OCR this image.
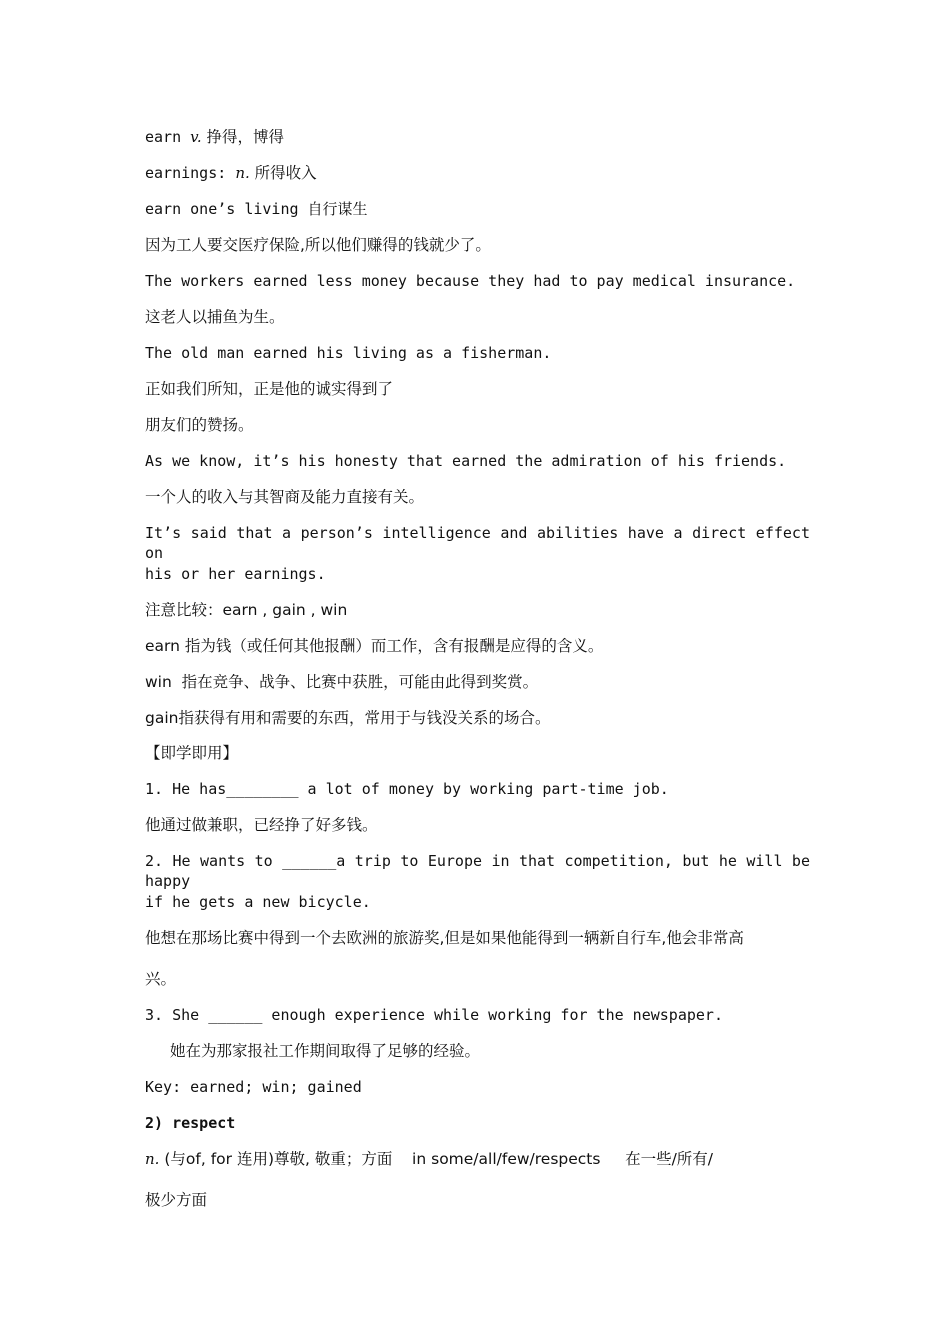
earn v. 挣得，博得
earnings: n. 所得收入
earn one’s living 自行谋生
因为工人要交医疗保险,所以他们赚得的钱就少了。
The workers earned less money because they had to pay medical insurance.
这老人以捕鱼为生。
The old man earned his living as a fisherman.
正如我们所知，正是他的诚实得到了
朋友们的赞扬。
As we know, it’s his honesty that earned the admiration of his friends.
一个人的收入与其智商及能力直接有关。
It’s said that a person’s intelligence and abilities have a direct effect on
his or her earnings.
注意比较：earn , gain , win
earn 指为钱（或任何其他报酬）而工作，含有报酬是应得的含义。
win  指在竞争、战争、比赛中获胜，可能由此得到奖赏。
gain指获得有用和需要的东西，常用于与钱没关系的场合。
【即学即用】
1. He has________ a lot of money by working part-time job.
他通过做兼职，已经挣了好多钱。
2. He wants to ______a trip to Europe in that competition, but he will be happy
if he gets a new bicycle.
他想在那场比赛中得到一个去欧洲的旅游奖,但是如果他能得到一辆新自行车,他会非常高
兴。
3. She ______ enough experience while working for the newspaper.
她在为那家报社工作期间取得了足够的经验。
Key: earned; win; gained
2) respect
n. (与of, for 连用)尊敬, 敬重；方面    in some/all/few/respects     在一些/所有/
极少方面
